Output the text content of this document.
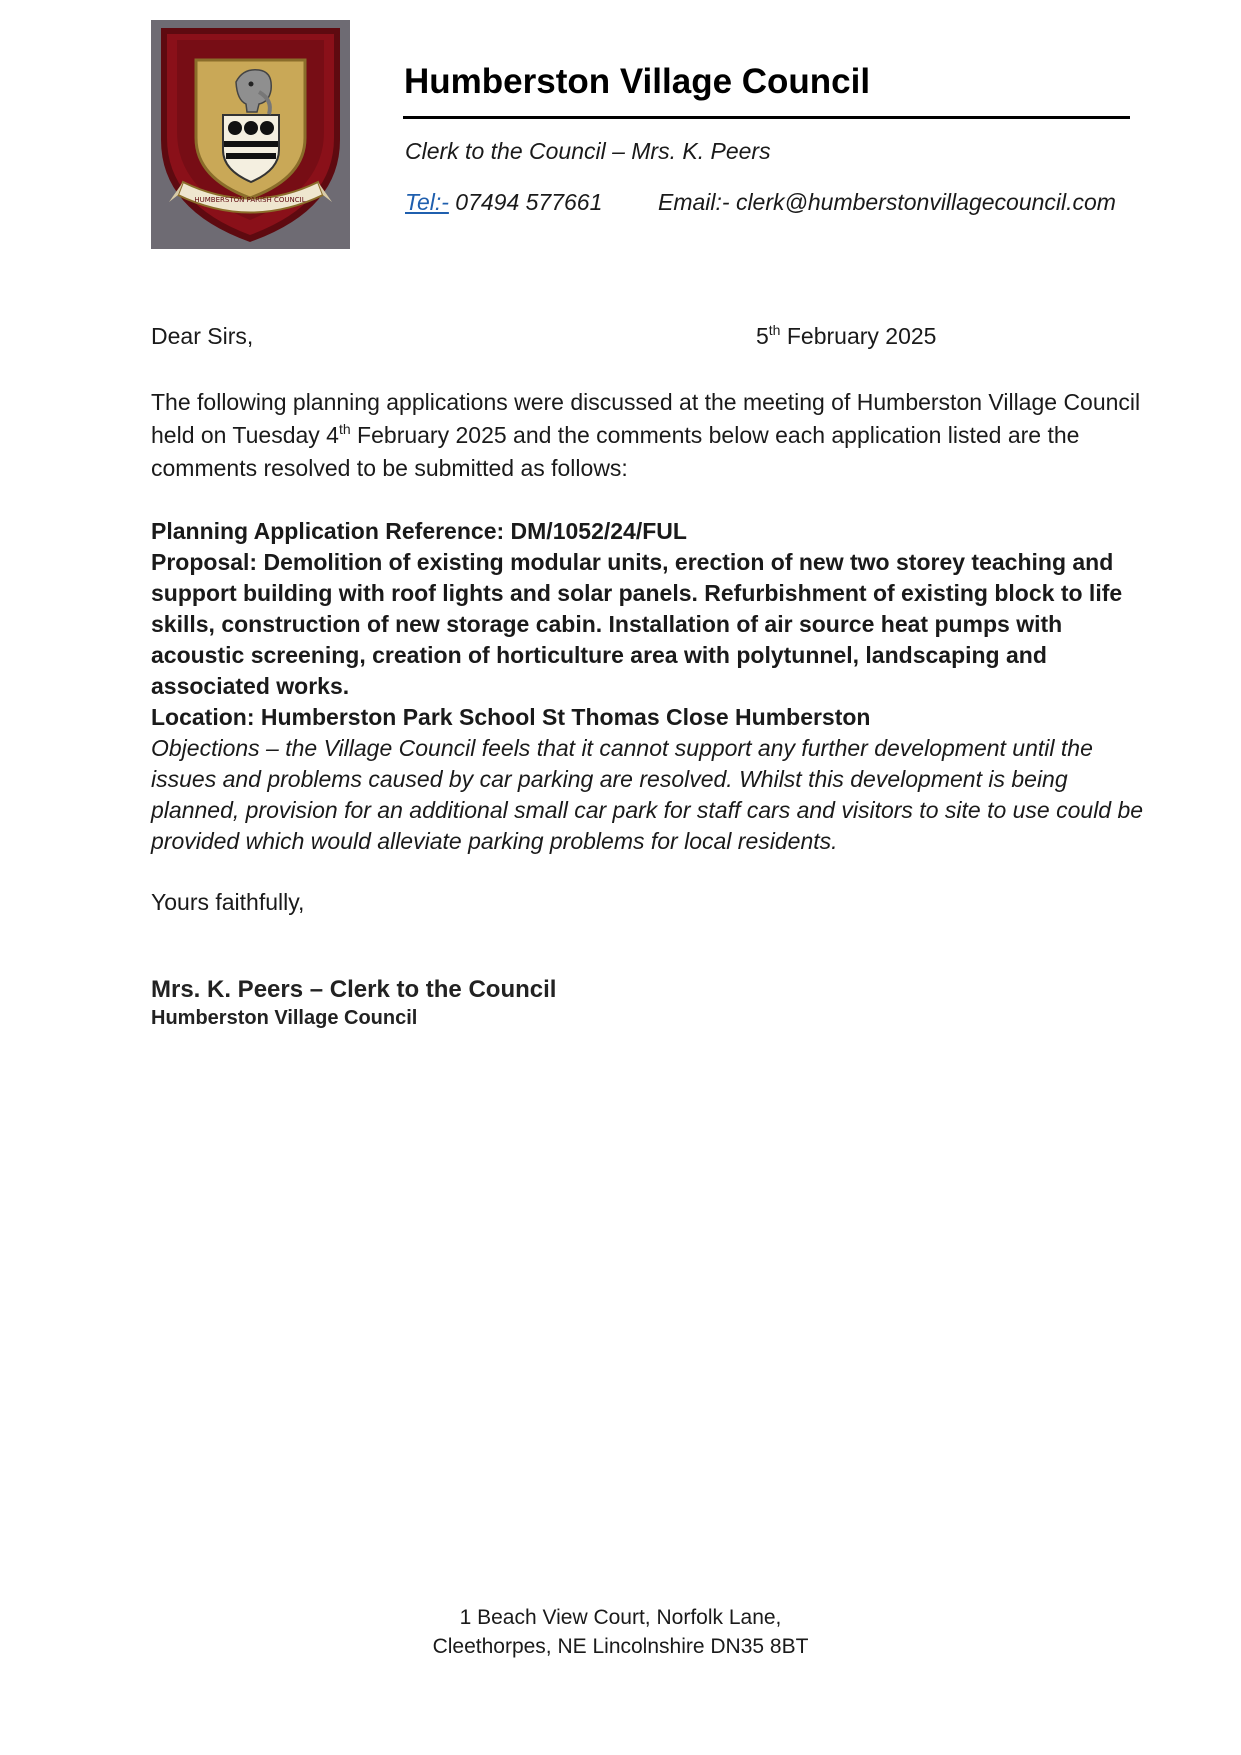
HUMBERSTON PARISH COUNCIL
Humberston Village Council
Clerk to the Council – Mrs. K. Peers
Tel:- 07494 577661 Email:- clerk@humberstonvillagecouncil.com
Dear Sirs,	5th February 2025

The following planning applications were discussed at the meeting of Humberston Village Council held on Tuesday 4th February 2025 and the comments below each application listed are the comments resolved to be submitted as follows:

Planning Application Reference: DM/1052/24/FUL

Proposal: Demolition of existing modular units, erection of new two storey teaching and support building with roof lights and solar panels. Refurbishment of existing block to life skills, construction of new storage cabin. Installation of air source heat pumps with acoustic screening, creation of horticulture area with polytunnel, landscaping and associated works.

Location: Humberston Park School St Thomas Close Humberston

Objections – the Village Council feels that it cannot support any further development until the issues and problems caused by car parking are resolved. Whilst this development is being planned, provision for an additional small car park for staff cars and visitors to site to use could be provided which would alleviate parking problems for local residents.

Yours faithfully,
Mrs. K. Peers – Clerk to the Council
Humberston Village Council
1 Beach View Court, Norfolk Lane,
Cleethorpes, NE Lincolnshire DN35 8BT
